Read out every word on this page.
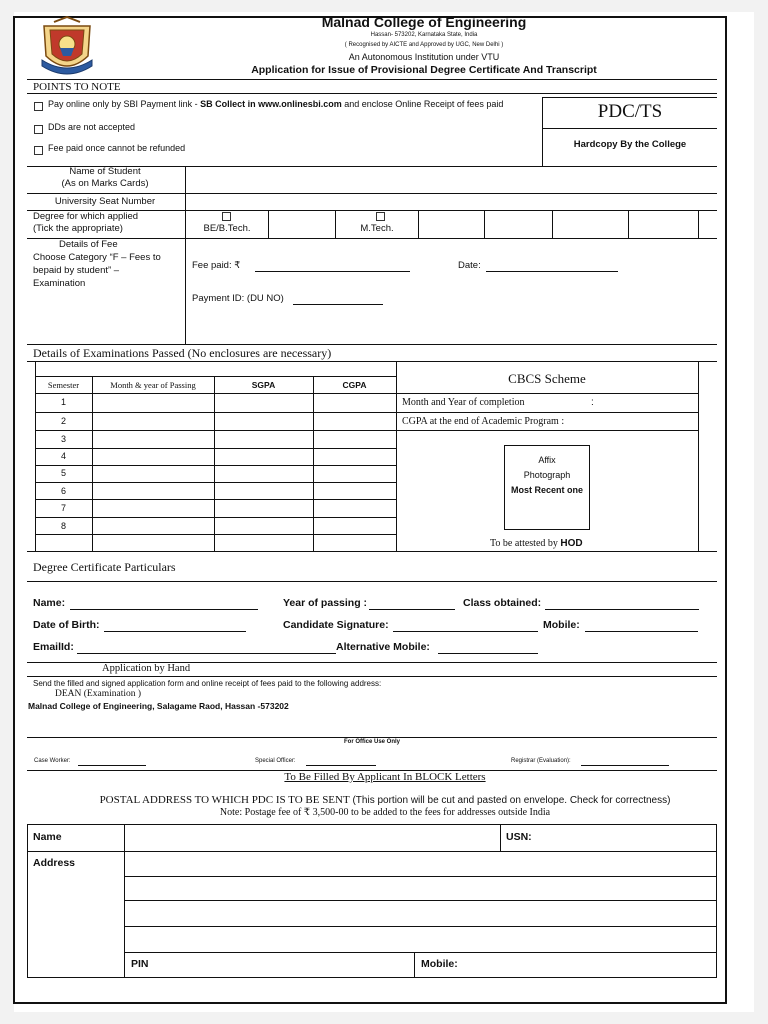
Malnad College of Engineering
Hassan- 573202, Karnataka State, India
( Recognised by AICTE and Approved by UGC, New Delhi )
An Autonomous Institution under VTU
Application for Issue of Provisional Degree Certificate And Transcript
POINTS TO NOTE
Pay online only by SBI Payment link - SB Collect in www.onlinesbi.com and enclose Online Receipt of fees paid
DDs are not accepted
Fee paid once cannot be refunded
PDC/TS
Hardcopy By the College
Name of Student
(As on Marks Cards)
University Seat Number
Degree for which applied
(Tick the appropriate)	BE/B.Tech.	M.Tech.
Details of Fee
Choose Category “F – Fees to
bepaid by student” –
Examination
Fee paid: ₹	Date:
Payment ID: (DU NO)
Details of Examinations Passed (No enclosures are necessary)
Semester	Month & year of Passing	SGPA	CGPA
1
2
3
4
5
6
7
8
CBCS Scheme
Month and Year of completion	:
CGPA at the end of Academic Program :
Affix
Photograph
Most Recent one
To be attested by HOD
Degree Certificate Particulars
Name:	Year of passing :	Class obtained:
Date of Birth:	Candidate Signature:	Mobile:
EmailId:	Alternative Mobile:
Application by Hand
Send the filled and signed application form and online receipt of fees paid to the following address:
DEAN (Examination )
Malnad College of Engineering, Salagame Raod, Hassan -573202
For Office Use Only
Case Worker:	Special Officer:	Registrar (Evaluation):
To Be Filled By Applicant In BLOCK Letters
POSTAL ADDRESS TO WHICH PDC IS TO BE SENT (This portion will be cut and pasted on envelope. Check for correctness)
Note: Postage fee of ₹ 3,500-00 to be added to the fees for addresses outside India
Name	USN:
Address
PIN	Mobile:
